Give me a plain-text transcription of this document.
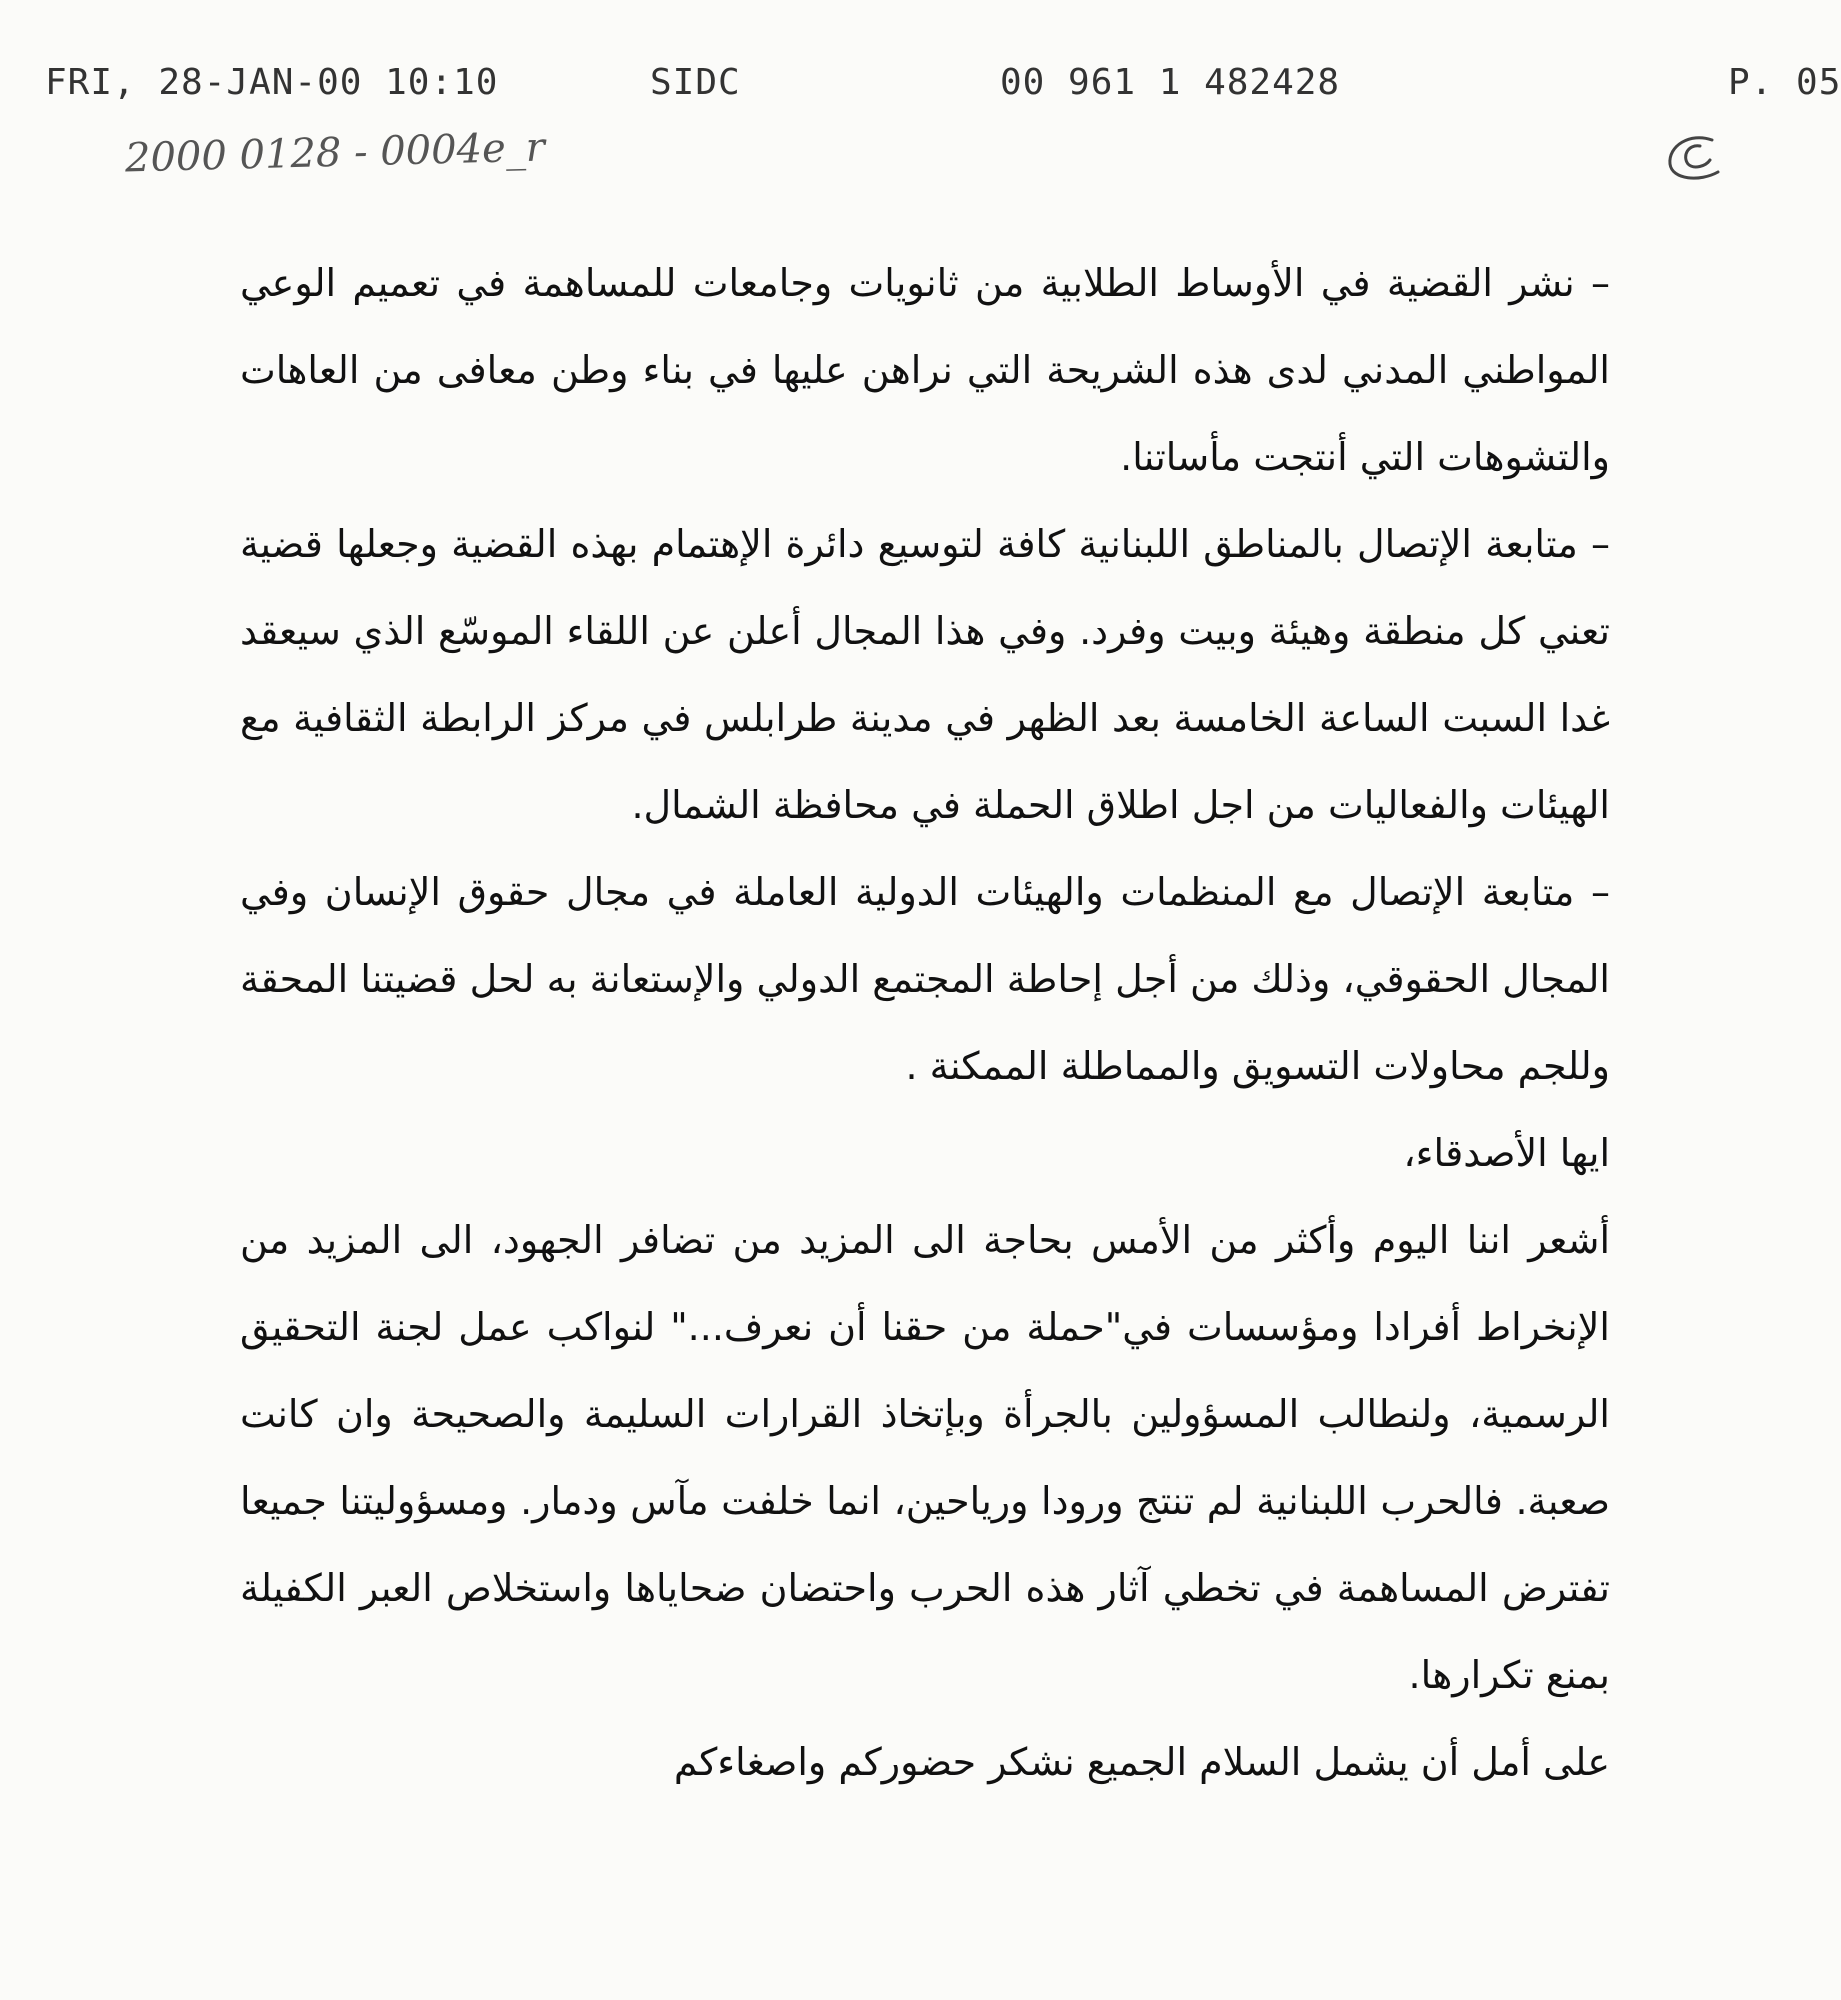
FRI, 28-JAN-00 10:10	SIDC	00 961 1 482428	P. 05
2000 0128 - 0004e_r

– نشر القضية في الأوساط الطلابية من ثانويات وجامعات للمساهمة في تعميم الوعي المواطني المدني لدى هذه الشريحة التي نراهن عليها في بناء وطن معافى من العاهات والتشوهات التي أنتجت مأساتنا.

– متابعة الإتصال بالمناطق اللبنانية كافة لتوسيع دائرة الإهتمام بهذه القضية وجعلها قضية تعني كل منطقة وهيئة وبيت وفرد. وفي هذا المجال أعلن عن اللقاء الموسّع الذي سيعقد غدا السبت الساعة الخامسة بعد الظهر في مدينة طرابلس في مركز الرابطة الثقافية مع الهيئات والفعاليات من اجل اطلاق الحملة في محافظة الشمال.

– متابعة الإتصال مع المنظمات والهيئات الدولية العاملة في مجال حقوق الإنسان وفي المجال الحقوقي، وذلك من أجل إحاطة المجتمع الدولي والإستعانة به لحل قضيتنا المحقة وللجم محاولات التسويق والمماطلة الممكنة .

ايها الأصدقاء،

أشعر اننا اليوم وأكثر من الأمس بحاجة الى المزيد من تضافر الجهود، الى المزيد من الإنخراط أفرادا ومؤسسات في"حملة من حقنا أن نعرف..." لنواكب عمل لجنة التحقيق الرسمية، ولنطالب المسؤولين بالجرأة وبإتخاذ القرارات السليمة والصحيحة وان كانت صعبة. فالحرب اللبنانية لم تنتج ورودا ورياحين، انما خلفت مآس ودمار. ومسؤوليتنا جميعا تفترض المساهمة في تخطي آثار هذه الحرب واحتضان ضحاياها واستخلاص العبر الكفيلة بمنع تكرارها.

على أمل أن يشمل السلام الجميع نشكر حضوركم واصغاءكم
